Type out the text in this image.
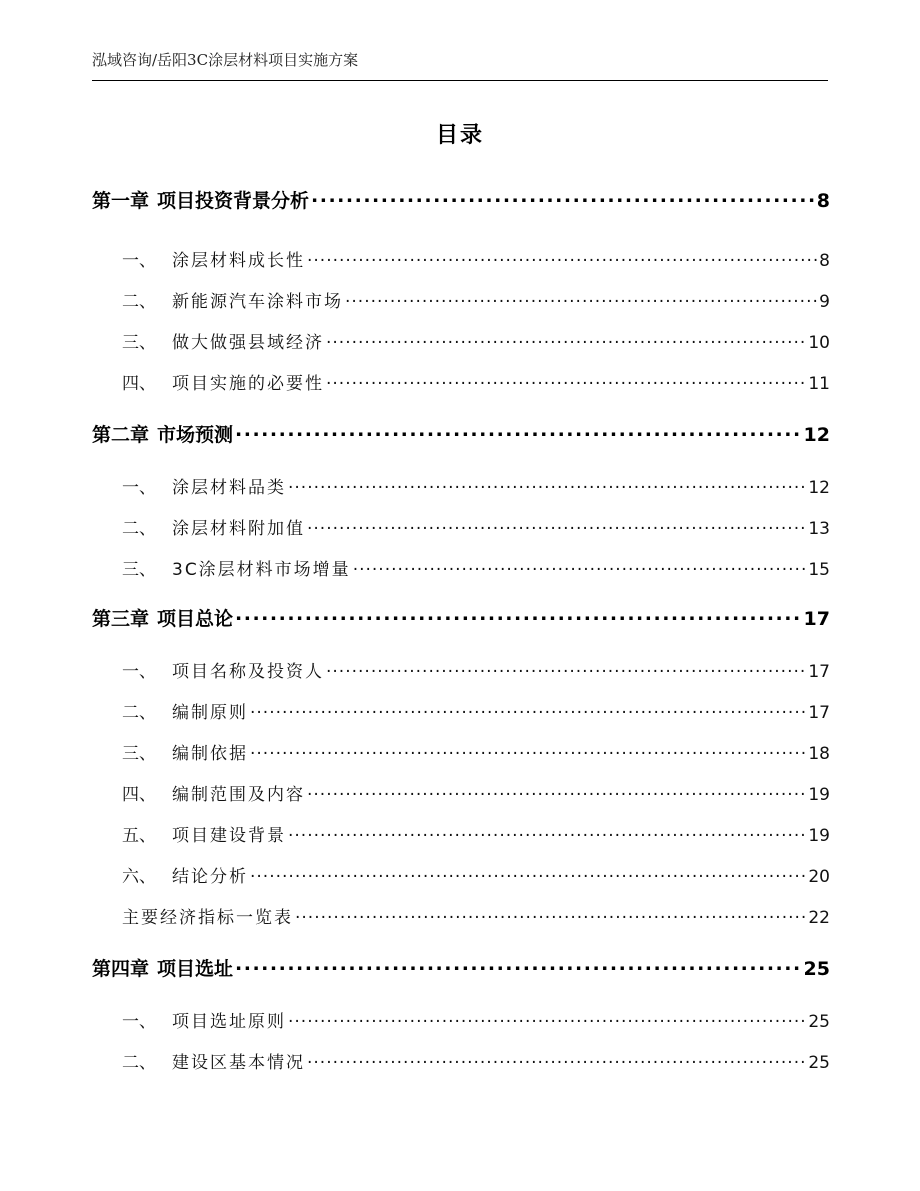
泓域咨询/岳阳3C涂层材料项目实施方案
目录
第一章 项目投资背景分析 .....	8
一、 涂层材料成长性 .....	8
二、 新能源汽车涂料市场 .....	9
三、 做大做强县域经济 .....	10
四、 项目实施的必要性 .....	11
第二章 市场预测 .....	12
一、 涂层材料品类 .....	12
二、 涂层材料附加值 .....	13
三、 3C涂层材料市场增量 .....	15
第三章 项目总论 .....	17
一、 项目名称及投资人 .....	17
二、 编制原则 .....	17
三、 编制依据 .....	18
四、 编制范围及内容 .....	19
五、 项目建设背景 .....	19
六、 结论分析 .....	20
主要经济指标一览表 .....	22
第四章 项目选址 .....	25
一、 项目选址原则 .....	25
二、 建设区基本情况 .....	25
